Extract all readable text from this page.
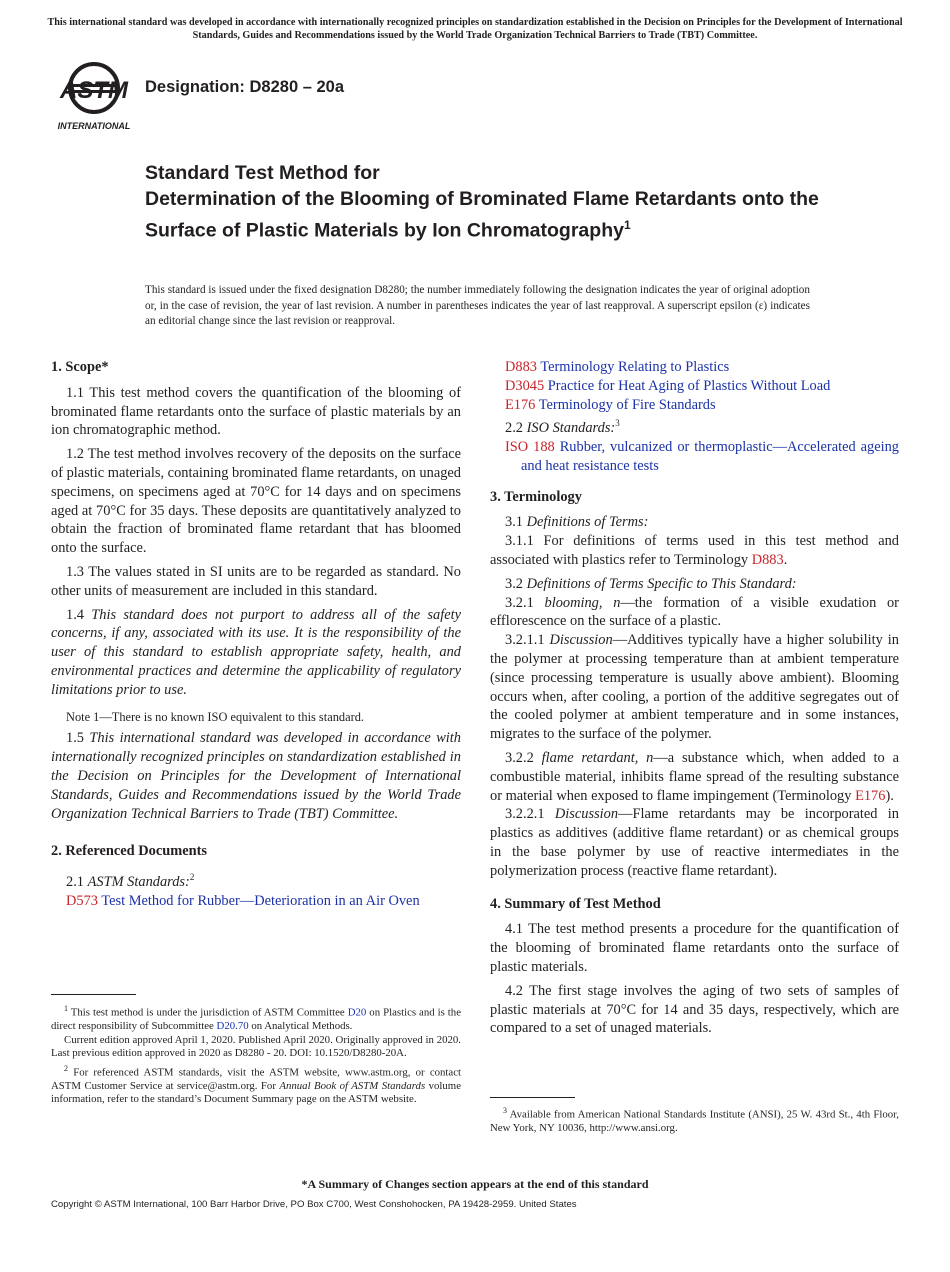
This international standard was developed in accordance with internationally recognized principles on standardization established in the Decision on Principles for the Development of International Standards, Guides and Recommendations issued by the World Trade Organization Technical Barriers to Trade (TBT) Committee.
ASTM
INTERNATIONAL
Designation: D8280 – 20a
Standard Test Method for
Determination of the Blooming of Brominated Flame Retardants onto the Surface of Plastic Materials by Ion Chromatography$^1$
This standard is issued under the fixed designation D8280; the number immediately following the designation indicates the year of original adoption or, in the case of revision, the year of last revision. A number in parentheses indicates the year of last reapproval. A superscript epsilon (ε) indicates an editorial change since the last revision or reapproval.
1. Scope*
1.1 This test method covers the quantification of the blooming of brominated flame retardants onto the surface of plastic materials by an ion chromatographic method.
1.2 The test method involves recovery of the deposits on the surface of plastic materials, containing brominated flame retardants, on unaged specimens, on specimens aged at 70°C for 14 days and on specimens aged at 70°C for 35 days. These deposits are quantitatively analyzed to obtain the fraction of brominated flame retardant that has bloomed onto the surface.
1.3 The values stated in SI units are to be regarded as standard. No other units of measurement are included in this standard.
1.4 This standard does not purport to address all of the safety concerns, if any, associated with its use. It is the responsibility of the user of this standard to establish appropriate safety, health, and environmental practices and determine the applicability of regulatory limitations prior to use.
Note 1—There is no known ISO equivalent to this standard.
1.5 This international standard was developed in accordance with internationally recognized principles on standardization established in the Decision on Principles for the Development of International Standards, Guides and Recommendations issued by the World Trade Organization Technical Barriers to Trade (TBT) Committee.
2. Referenced Documents
2.1 ASTM Standards:$^2$
D573 Test Method for Rubber—Deterioration in an Air Oven
$^1$ This test method is under the jurisdiction of ASTM Committee D20 on Plastics and is the direct responsibility of Subcommittee D20.70 on Analytical Methods.
Current edition approved April 1, 2020. Published April 2020. Originally approved in 2020. Last previous edition approved in 2020 as D8280 - 20. DOI: 10.1520/D8280-20A.
$^2$ For referenced ASTM standards, visit the ASTM website, www.astm.org, or contact ASTM Customer Service at service@astm.org. For Annual Book of ASTM Standards volume information, refer to the standard’s Document Summary page on the ASTM website.
D883 Terminology Relating to Plastics
D3045 Practice for Heat Aging of Plastics Without Load
E176 Terminology of Fire Standards
2.2 ISO Standards:$^3$
ISO 188 Rubber, vulcanized or thermoplastic—Accelerated ageing and heat resistance tests
3. Terminology
3.1 Definitions of Terms:
3.1.1 For definitions of terms used in this test method and associated with plastics refer to Terminology D883.
3.2 Definitions of Terms Specific to This Standard:
3.2.1 blooming, n—the formation of a visible exudation or efflorescence on the surface of a plastic.
3.2.1.1 Discussion—Additives typically have a higher solubility in the polymer at processing temperature than at ambient temperature (since processing temperature is usually above ambient). Blooming occurs when, after cooling, a portion of the additive segregates out of the cooled polymer at ambient temperature and in some instances, migrates to the surface of the polymer.
3.2.2 flame retardant, n—a substance which, when added to a combustible material, inhibits flame spread of the resulting substance or material when exposed to flame impingement (Terminology E176).
3.2.2.1 Discussion—Flame retardants may be incorporated in plastics as additives (additive flame retardant) or as chemical groups in the base polymer by use of reactive intermediates in the polymerization process (reactive flame retardant).
4. Summary of Test Method
4.1 The test method presents a procedure for the quantification of the blooming of brominated flame retardants onto the surface of plastic materials.
4.2 The first stage involves the aging of two sets of samples of plastic materials at 70°C for 14 and 35 days, respectively, which are compared to a set of unaged materials.
$^3$ Available from American National Standards Institute (ANSI), 25 W. 43rd St., 4th Floor, New York, NY 10036, http://www.ansi.org.
*A Summary of Changes section appears at the end of this standard
Copyright © ASTM International, 100 Barr Harbor Drive, PO Box C700, West Conshohocken, PA 19428-2959. United States
